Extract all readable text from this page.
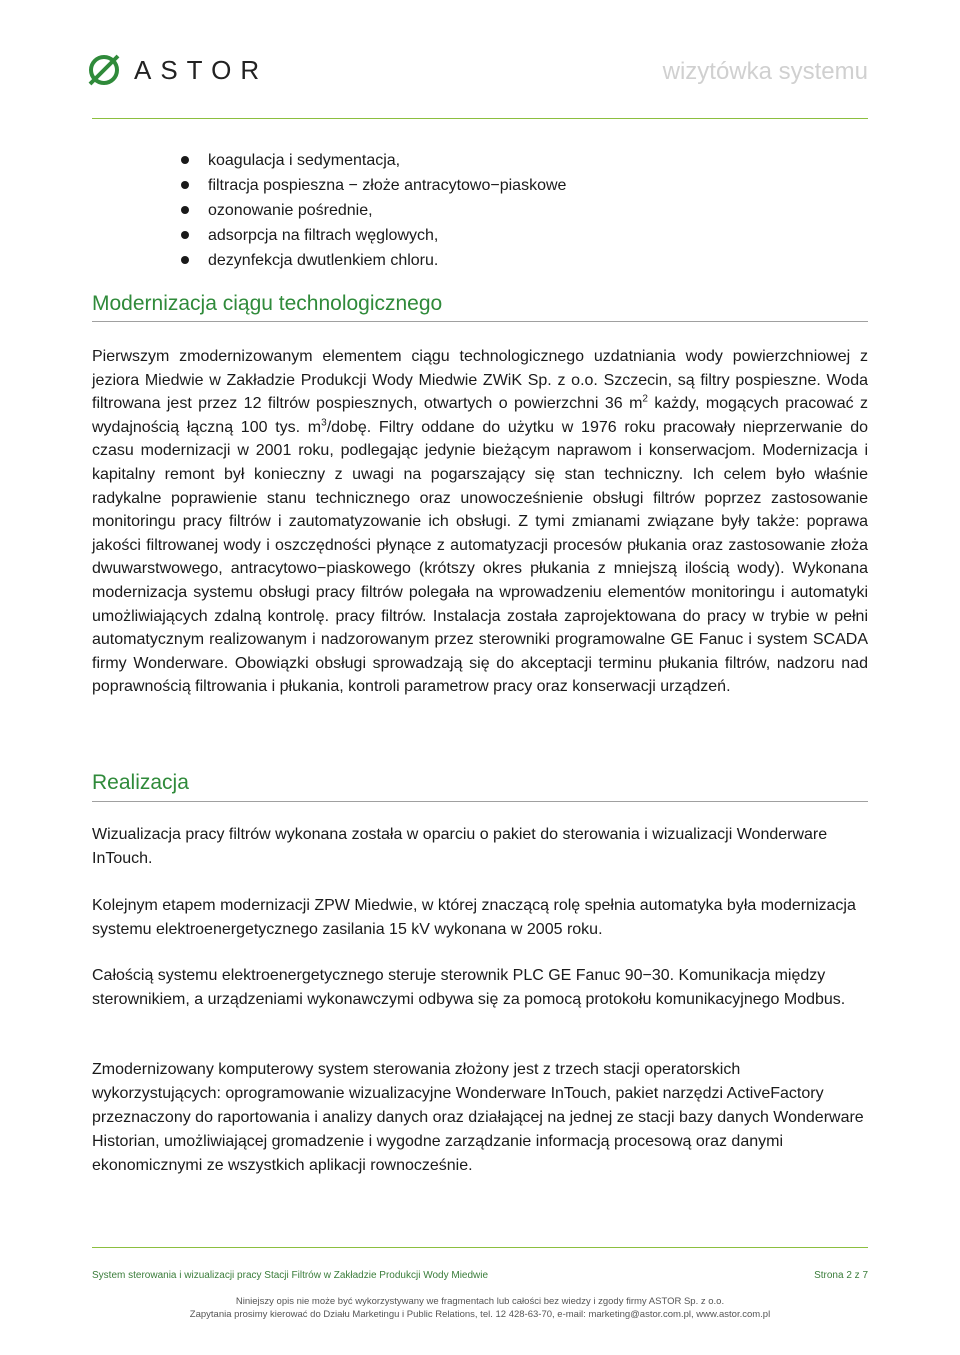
ASTOR	wizytówka systemu
koagulacja i sedymentacja,
filtracja pospieszna − złoże antracytowo−piaskowe
ozonowanie pośrednie,
adsorpcja na filtrach węglowych,
dezynfekcja dwutlenkiem chloru.
Modernizacja ciągu technologicznego

Pierwszym zmodernizowanym elementem ciągu technologicznego uzdatniania wody powierzchniowej z jeziora Miedwie w Zakładzie Produkcji Wody Miedwie ZWiK Sp. z o.o. Szczecin, są filtry pospieszne. Woda filtrowana jest przez 12 filtrów pospiesznych, otwartych o powierzchni 36 $m^2$ każdy, mogących pracować z wydajnością łączną 100 tys. $m^3$/dobę. Filtry oddane do użytku w 1976 roku pracowały nieprzerwanie do czasu modernizacji w 2001 roku, podlegając jedynie bieżącym naprawom i konserwacjom. Modernizacja i kapitalny remont był konieczny z uwagi na pogarszający się stan techniczny. Ich celem było właśnie radykalne poprawienie stanu technicznego oraz unowocześnienie obsługi filtrów poprzez zastosowanie monitoringu pracy filtrów i zautomatyzowanie ich obsługi. Z tymi zmianami związane były także: poprawa jakości filtrowanej wody i oszczędności płynące z automatyzacji procesów płukania oraz zastosowanie złoża dwuwarstwowego, antracytowo−piaskowego (krótszy okres płukania z mniejszą ilością wody). Wykonana modernizacja systemu obsługi pracy filtrów polegała na wprowadzeniu elementów monitoringu i automatyki umożliwiających zdalną kontrolę. pracy filtrów. Instalacja została zaprojektowana do pracy w trybie w pełni automatycznym realizowanym i nadzorowanym przez sterowniki programowalne GE Fanuc i system SCADA firmy Wonderware. Obowiązki obsługi sprowadzają się do akceptacji terminu płukania filtrów, nadzoru nad poprawnością filtrowania i płukania, kontroli parametrow pracy oraz konserwacji urządzeń.

Realizacja

Wizualizacja pracy filtrów wykonana została w oparciu o pakiet do sterowania i wizualizacji Wonderware InTouch.

Kolejnym etapem modernizacji ZPW Miedwie, w której znaczącą rolę spełnia automatyka była modernizacja systemu elektroenergetycznego zasilania 15 kV wykonana w 2005 roku.

Całością systemu elektroenergetycznego steruje sterownik PLC GE Fanuc 90−30. Komunikacja między sterownikiem, a urządzeniami wykonawczymi odbywa się za pomocą protokołu komunikacyjnego Modbus.

Zmodernizowany komputerowy system sterowania złożony jest z trzech stacji operatorskich wykorzystujących: oprogramowanie wizualizacyjne Wonderware InTouch, pakiet narzędzi ActiveFactory przeznaczony do raportowania i analizy danych oraz działającej na jednej ze stacji bazy danych Wonderware Historian, umożliwiającej gromadzenie i wygodne zarządzanie informacją procesową oraz danymi ekonomicznymi ze wszystkich aplikacji rownocześnie.

System sterowania i wizualizacji pracy Stacji Filtrów w Zakładzie Produkcji Wody Miedwie	Strona 2 z 7
Niniejszy opis nie może być wykorzystywany we fragmentach lub całości bez wiedzy i zgody firmy ASTOR Sp. z o.o.
Zapytania prosimy kierować do Działu Marketingu i Public Relations, tel. 12 428-63-70, e-mail: marketing@astor.com.pl, www.astor.com.pl
